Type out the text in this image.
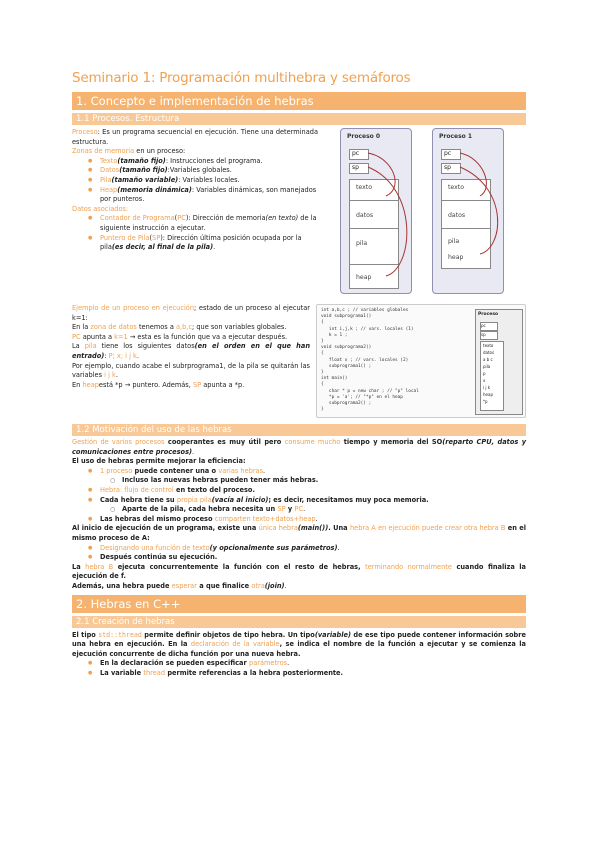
Seminario 1: Programación multihebra y semáforos
1. Concepto e implementación de hebras
1.1 Procesos. Estructura
Proceso: Es un programa secuencial en ejecución. Tiene una determinada estructura.
Zonas de memoria en un proceso:
● Texto(tamaño fijo): Instrucciones del programa.
● Datos(tamaño fijo):Variables globales.
● Pila(tamaño variable): Variables locales.
● Heap(memoria dinámica): Variables dinámicas, son manejados por punteros.
Datos asociados:
● Contador de Programa(PC): Dirección de memoria(en texto) de la siguiente instrucción a ejecutar.
● Puntero de Pila(SP): Dirección última posición ocupada por la pila(es decir, al final de la pila).
Proceso 0
pc
sp
texto
datos
pila
heap
Proceso 1
pc
sp
texto
datos
pila
heap
Ejemplo de un proceso en ejecución; estado de un proceso al ejecutar k=1:
En la zona de datos tenemos a a,b,c; que son variables globales.
PC apunta a k=1 → esta es la función que va a ejecutar después.
La pila tiene los siguientes datos(en el orden en el que han entrado): P; x; i j k.
Por ejemplo, cuando acabe el subrprograma1, de la pila se quitarán las variables i j k.
En heapestá *p → puntero. Además, SP apunta a *p.
int a,b,c ; // variables globales
void subprograma1()
{
int i,j,k ; // vars. locales (1)
k = 1 ;
}
void subprograma2()
{
float x ; // vars. locales (2)
subprograma1() ;
}
int main()
{
char * p = new char ; // "p" local
*p = 'a'; // "*p" en el heap
subprograma2() ;
}
Proceso
pc
sp
texto
datos
a b c
pila
p
x
i j k
heap
*p
1.2 Motivación del uso de las hebras
Gestión de varios procesos cooperantes es muy útil pero consume mucho tiempo y memoria del SO(reparto CPU, datos y comunicaciones entre procesos).
El uso de hebras permite mejorar la eficiencia:
● 1 proceso puede contener una o varias hebras.
○ Incluso las nuevas hebras pueden tener más hebras.
● Hebra: flujo de control en texto del proceso.
● Cada hebra tiene su propia pila(vacía al inicio); es decir, necesitamos muy poca memoria.
○ Aparte de la pila, cada hebra necesita un SP y PC.
● Las hebras del mismo proceso comparten texto+datos+heap.
Al inicio de ejecución de un programa, existe una única hebra(main()). Una hebra A en ejecución puede crear otra hebra B en el mismo proceso de A:
● Designando una función de texto(y opcionalmente sus parámetros).
● Después continúa su ejecución.
La hebra B ejecuta concurrentemente la función con el resto de hebras, terminando normalmente cuando finaliza la ejecución de f.
Además, una hebra puede esperar a que finalice otra(join).
2. Hebras en C++
2.1 Creación de hebras
El tipo std::thread permite definir objetos de tipo hebra. Un tipo(variable) de ese tipo puede contener información sobre una hebra en ejecución. En la declaración de la variable, se indica el nombre de la función a ejecutar y se comienza la ejecución concurrente de dicha función por una nueva hebra.
● En la declaración se pueden especificar parámetros.
● La variable thread permite referencias a la hebra posteriormente.
